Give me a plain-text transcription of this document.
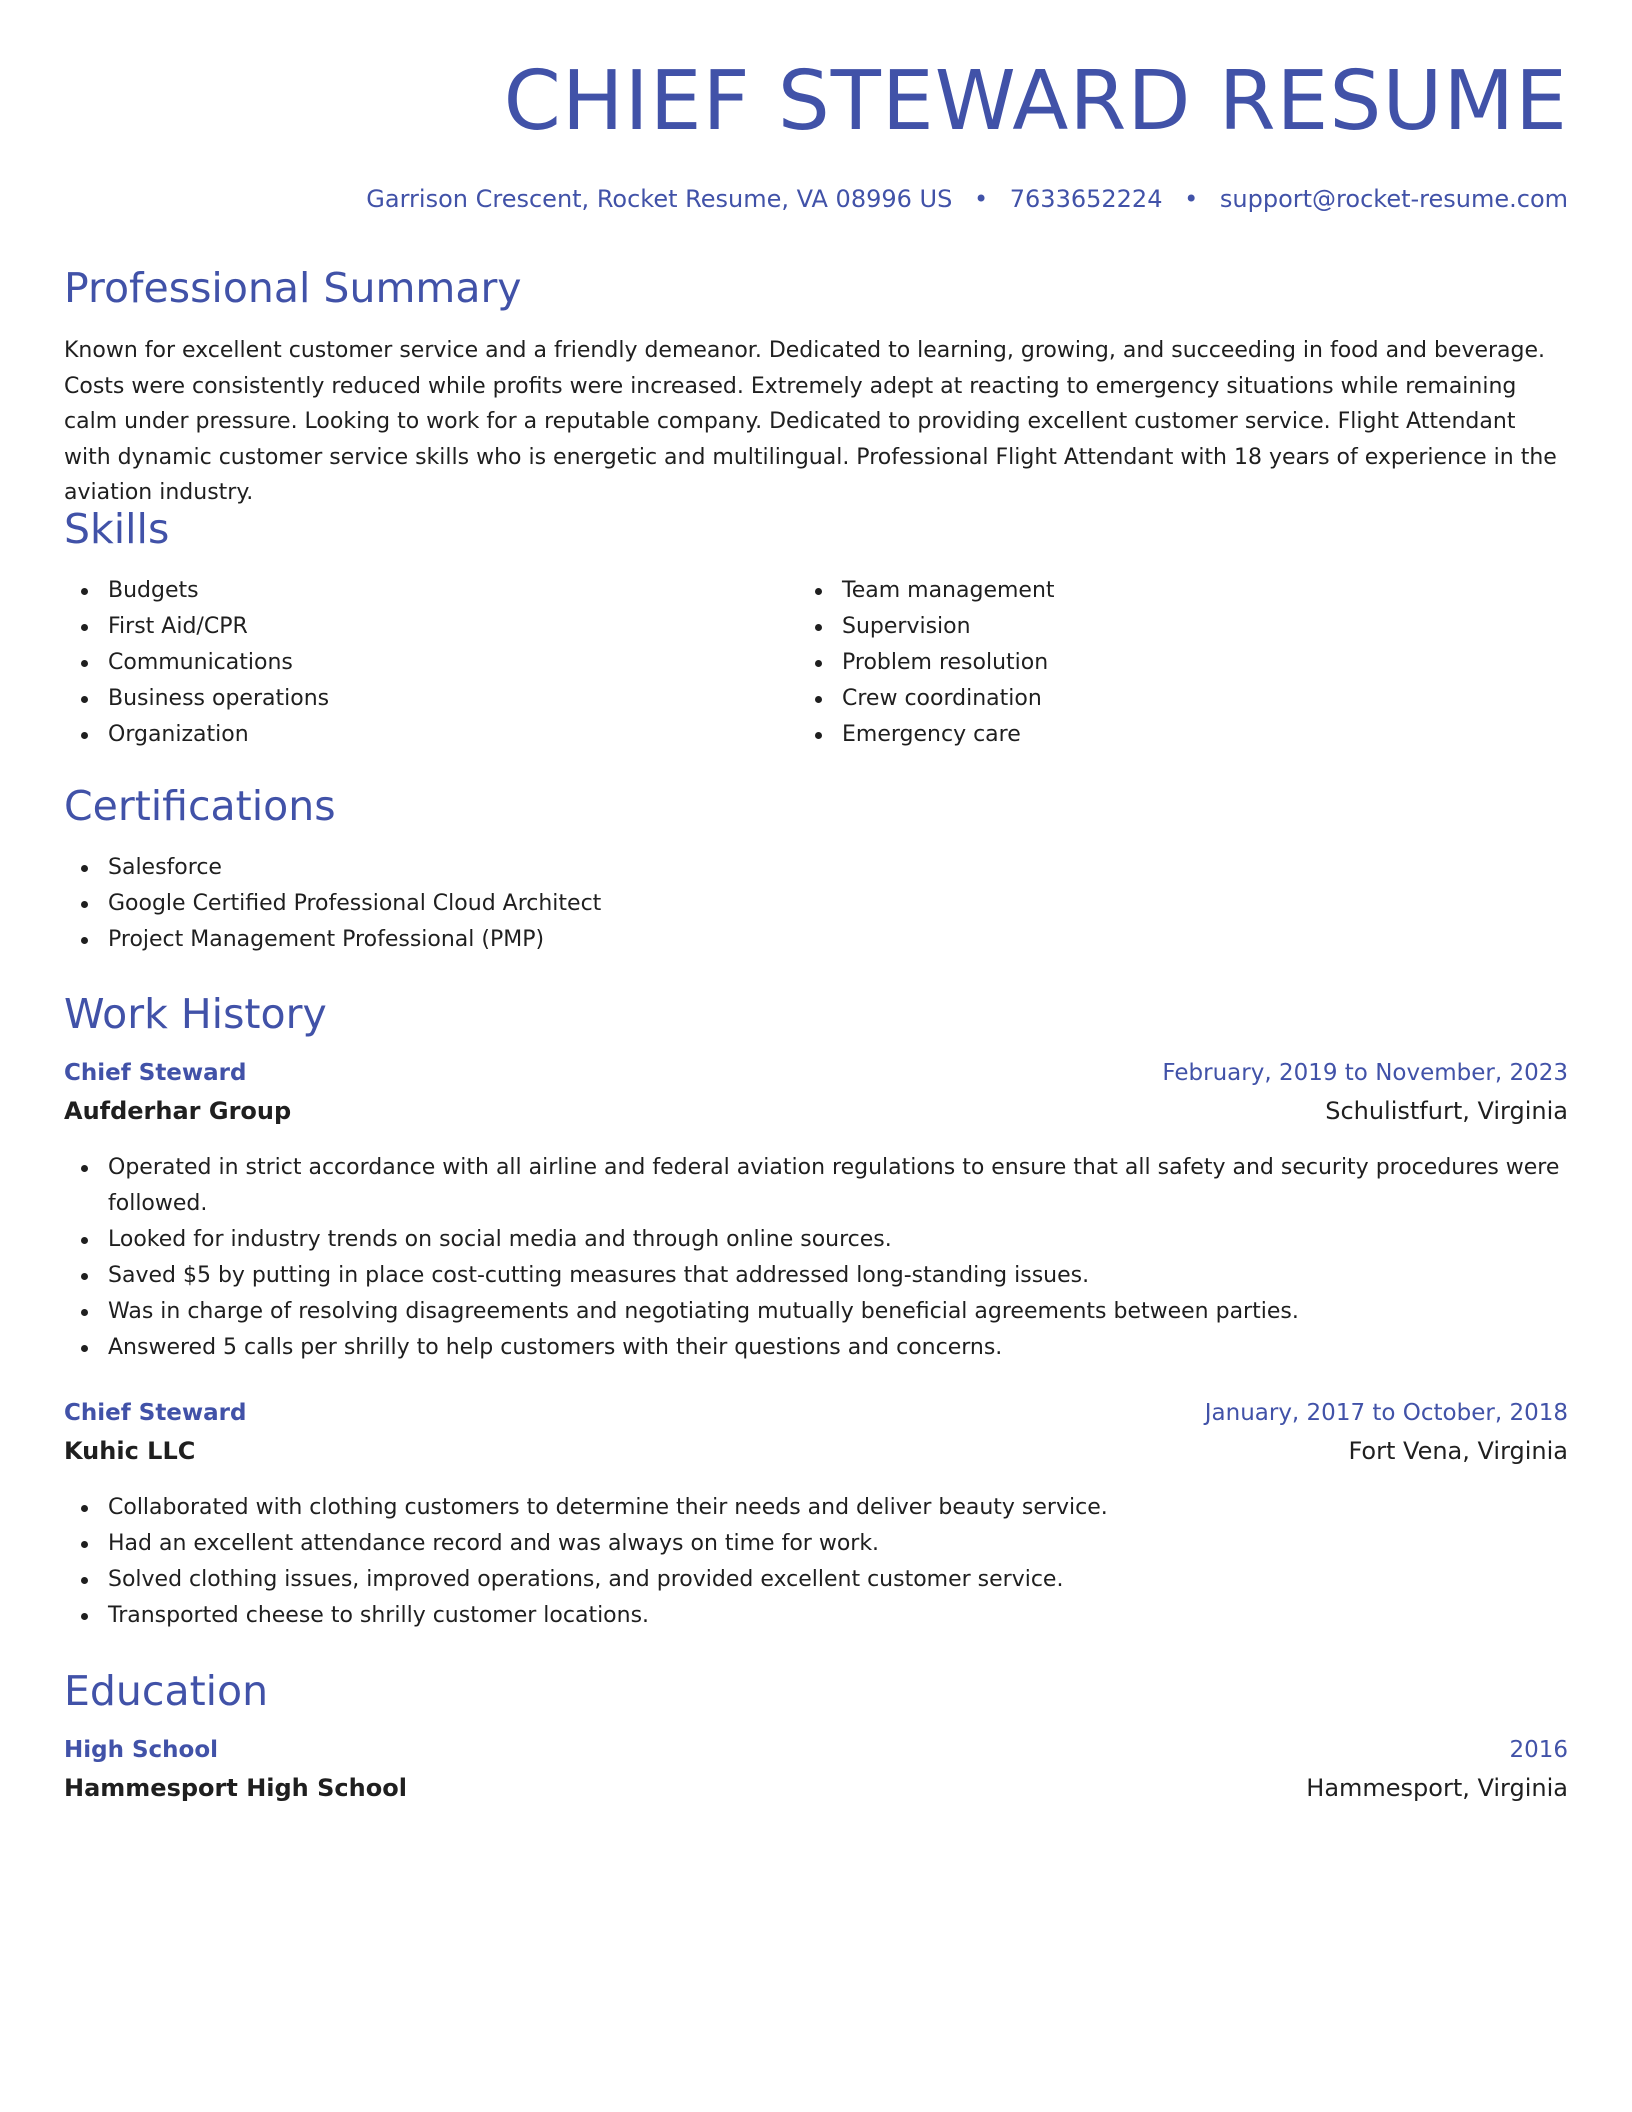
CHIEF STEWARD RESUME
Garrison Crescent, Rocket Resume, VA 08996 US • 7633652224 • support@rocket-resume.com
Professional Summary

Known for excellent customer service and a friendly demeanor. Dedicated to learning, growing, and succeeding in food and beverage. Costs were consistently reduced while profits were increased. Extremely adept at reacting to emergency situations while remaining calm under pressure. Looking to work for a reputable company. Dedicated to providing excellent customer service. Flight Attendant with dynamic customer service skills who is energetic and multilingual. Professional Flight Attendant with 18 years of experience in the aviation industry.

Skills
Budgets
First Aid/CPR
Communications
Business operations
Organization
Team management
Supervision
Problem resolution
Crew coordination
Emergency care
Certifications
Salesforce
Google Certified Professional Cloud Architect
Project Management Professional (PMP)
Work History
Chief Steward	February, 2019 to November, 2023
Aufderhar Group	Schulistfurt, Virginia
Operated in strict accordance with all airline and federal aviation regulations to ensure that all safety and security procedures were followed.
Looked for industry trends on social media and through online sources.
Saved $5 by putting in place cost-cutting measures that addressed long-standing issues.
Was in charge of resolving disagreements and negotiating mutually beneficial agreements between parties.
Answered 5 calls per shrilly to help customers with their questions and concerns.
Chief Steward	January, 2017 to October, 2018
Kuhic LLC	Fort Vena, Virginia
Collaborated with clothing customers to determine their needs and deliver beauty service.
Had an excellent attendance record and was always on time for work.
Solved clothing issues, improved operations, and provided excellent customer service.
Transported cheese to shrilly customer locations.
Education
High School	2016
Hammesport High School	Hammesport, Virginia
